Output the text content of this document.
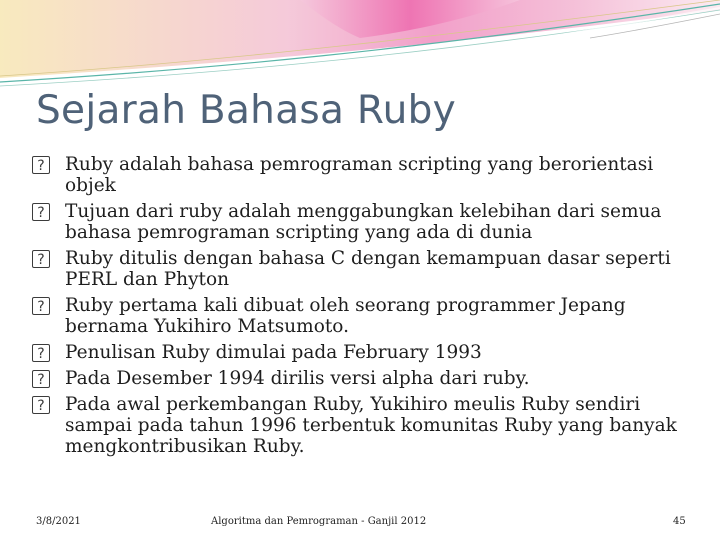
Sejarah Bahasa Ruby
? Ruby adalah bahasa pemrograman scripting yang berorientasi objek
? Tujuan dari ruby adalah menggabungkan kelebihan dari semua bahasa pemrograman scripting yang ada di dunia
? Ruby ditulis dengan bahasa C dengan kemampuan dasar seperti PERL dan Phyton
? Ruby pertama kali dibuat oleh seorang programmer Jepang bernama Yukihiro Matsumoto.
? Penulisan Ruby dimulai pada February 1993
? Pada Desember 1994 dirilis versi alpha dari ruby.
? Pada awal perkembangan Ruby, Yukihiro meulis Ruby sendiri sampai pada tahun 1996 terbentuk komunitas Ruby yang banyak mengkontribusikan Ruby.
3/8/2021	Algoritma dan Pemrograman - Ganjil 2012	45
